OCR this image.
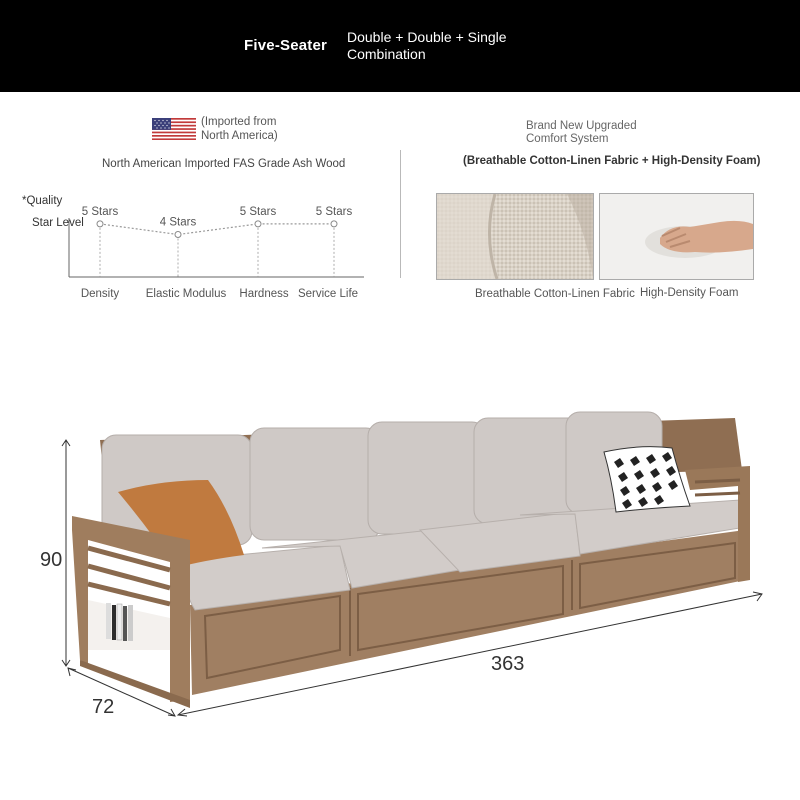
Five-Seater Double + Double + Single
Combination
(Imported from
North America)
North American Imported FAS Grade Ash Wood
*Quality
Star Level
5 Stars
Density
4 Stars
Elastic Modulus
5 Stars
Hardness
5 Stars
Service Life
Brand New Upgraded
Comfort System
(Breathable Cotton-Linen Fabric + High-Density Foam)
Breathable Cotton-Linen Fabric High-Density Foam
90
363
72
